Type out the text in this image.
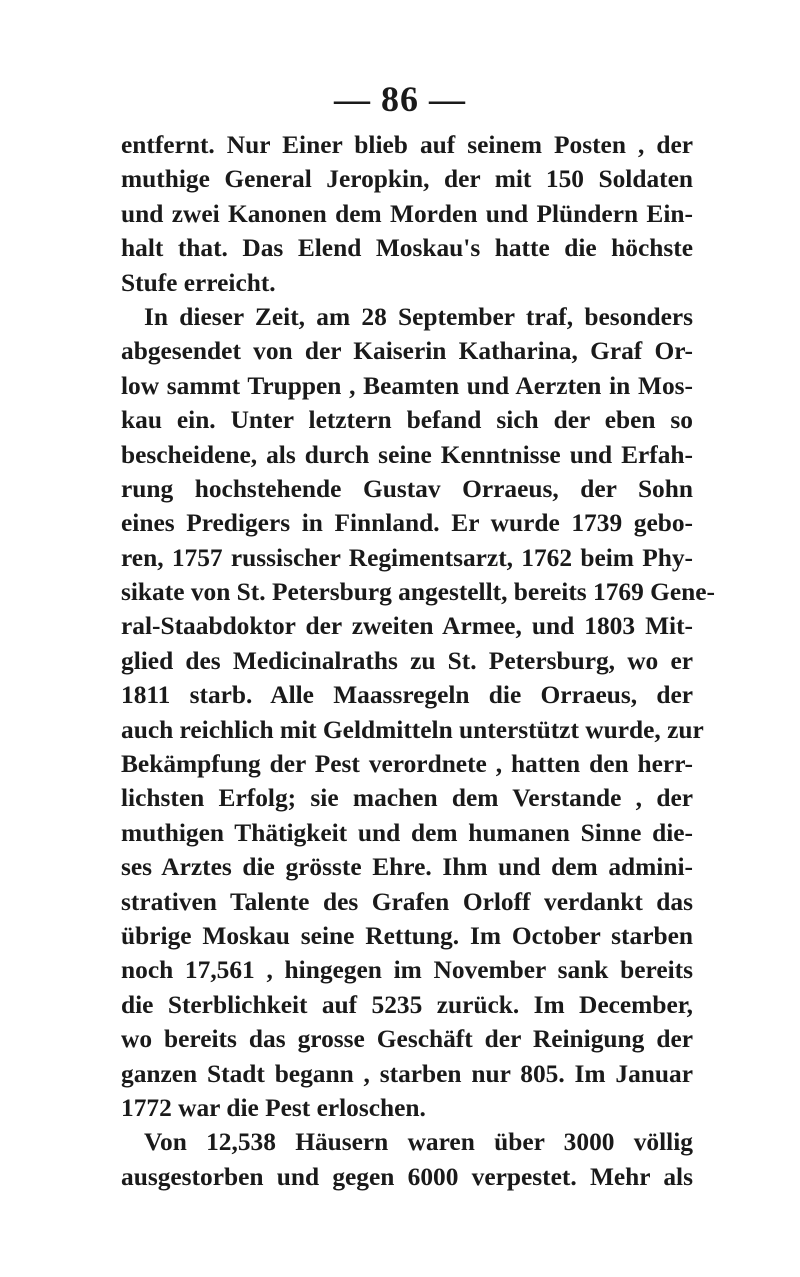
— 86 —
entfernt. Nur Einer blieb auf seinem Posten , der
muthige General Jeropkin, der mit 150 Soldaten
und zwei Kanonen dem Morden und Plündern Ein-
halt that. Das Elend Moskau's hatte die höchste
Stufe erreicht.
In dieser Zeit, am 28 September traf, besonders
abgesendet von der Kaiserin Katharina, Graf Or-
low sammt Truppen , Beamten und Aerzten in Mos-
kau ein. Unter letztern befand sich der eben so
bescheidene, als durch seine Kenntnisse und Erfah-
rung hochstehende Gustav Orraeus, der Sohn
eines Predigers in Finnland. Er wurde 1739 gebo-
ren, 1757 russischer Regimentsarzt, 1762 beim Phy-
sikate von St. Petersburg angestellt, bereits 1769 Gene-
ral-Staabdoktor der zweiten Armee, und 1803 Mit-
glied des Medicinalraths zu St. Petersburg, wo er
1811 starb. Alle Maassregeln die Orraeus, der
auch reichlich mit Geldmitteln unterstützt wurde, zur
Bekämpfung der Pest verordnete , hatten den herr-
lichsten Erfolg; sie machen dem Verstande , der
muthigen Thätigkeit und dem humanen Sinne die-
ses Arztes die grösste Ehre. Ihm und dem admini-
strativen Talente des Grafen Orloff verdankt das
übrige Moskau seine Rettung. Im October starben
noch 17,561 , hingegen im November sank bereits
die Sterblichkeit auf 5235 zurück. Im December,
wo bereits das grosse Geschäft der Reinigung der
ganzen Stadt begann , starben nur 805. Im Januar
1772 war die Pest erloschen.
Von 12,538 Häusern waren über 3000 völlig
ausgestorben und gegen 6000 verpestet. Mehr als
